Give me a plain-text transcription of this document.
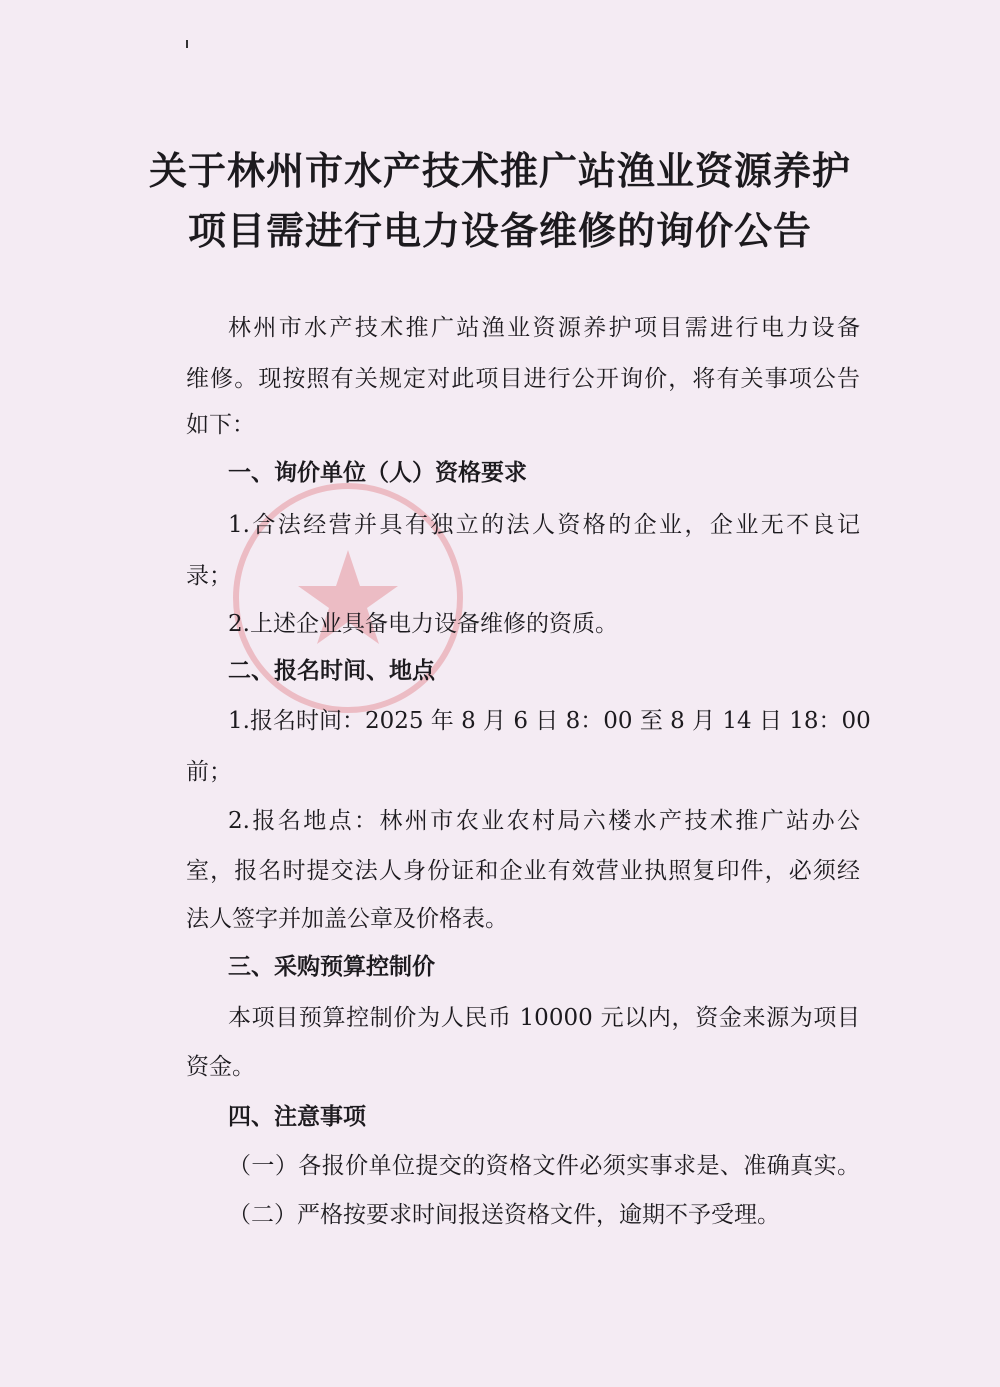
关于林州市水产技术推广站渔业资源养护
项目需进行电力设备维修的询价公告

林州市水产技术推广站渔业资源养护项目需进行电力设备

维修。现按照有关规定对此项目进行公开询价，将有关事项公告

如下：

一、询价单位（人）资格要求

1.合法经营并具有独立的法人资格的企业，企业无不良记

录；

2.上述企业具备电力设备维修的资质。

二、报名时间、地点

1.报名时间：2025 年 8 月 6 日 8：00 至 8 月 14 日 18：00

前；

2.报名地点：林州市农业农村局六楼水产技术推广站办公

室，报名时提交法人身份证和企业有效营业执照复印件，必须经

法人签字并加盖公章及价格表。

三、采购预算控制价

本项目预算控制价为人民币 10000 元以内，资金来源为项目

资金。

四、注意事项

（一）各报价单位提交的资格文件必须实事求是、准确真实。

（二）严格按要求时间报送资格文件，逾期不予受理。
